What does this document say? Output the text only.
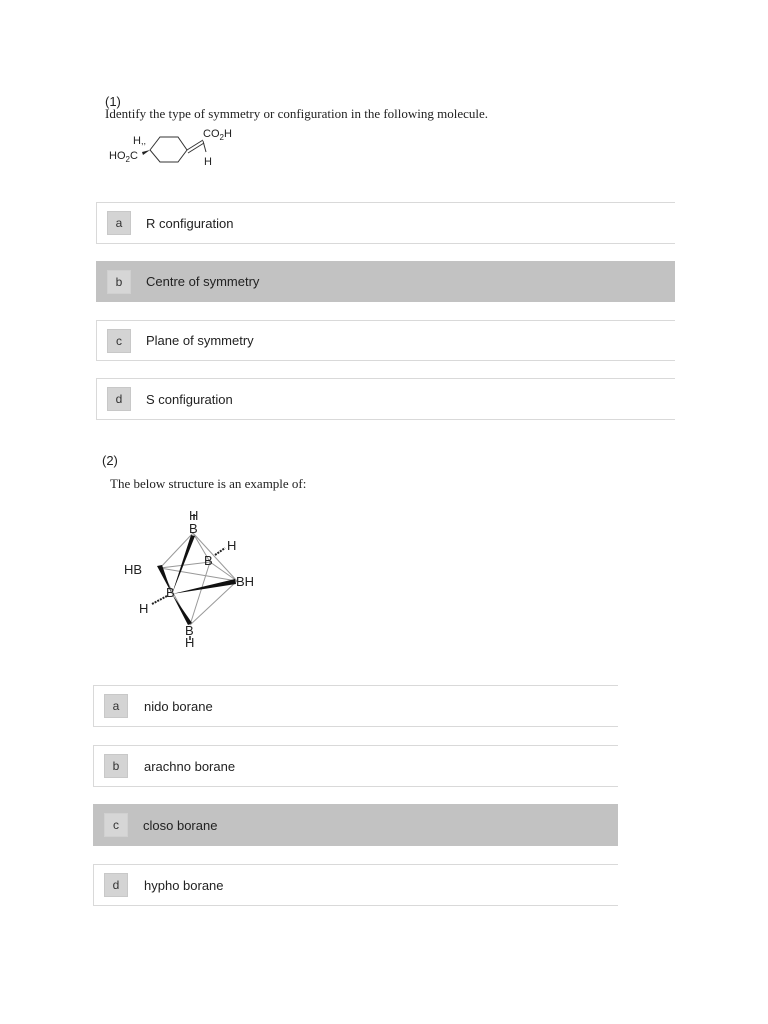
(1)
Identify the type of symmetry or configuration in the following molecule.
H ,,
$HO_2C$
$CO_2H$
H
a	R configuration
b	Centre of symmetry
c	Plane of symmetry
d	S configuration
(2)
The below structure is an example of:
H
B
H
B
HB
BH
H
B
B
H
a	nido borane
b	arachno borane
c	closo borane
d	hypho borane
